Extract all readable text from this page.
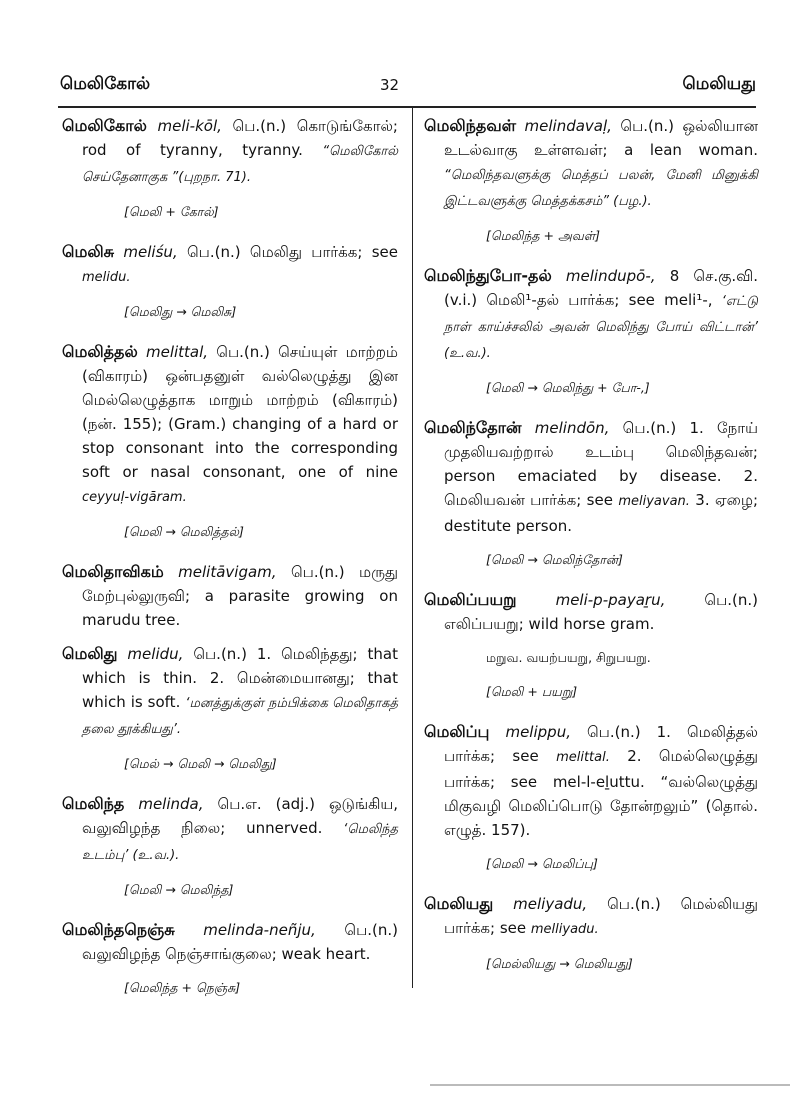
மெலிகோல்	32	மெலியது
மெலிகோல் meli-kōl, பெ.(n.) கொடுங்கோல்; rod of tyranny, tyranny. “மெலிகோல் செய்தேனாகுக ”(புறநா. 71).
[மெலி + கோல்]
மெலிசு meliśu, பெ.(n.) மெலிது பார்க்க; see melidu.
[மெலிது → மெலிசு]
மெலித்தல் melittal, பெ.(n.) செய்யுள் மாற்றம் (விகாரம்) ஒன்பதனுள் வல்லெழுத்து இன மெல்லெழுத்தாக மாறும் மாற்றம் (விகாரம்) (நன். 155); (Gram.) changing of a hard or stop consonant into the corresponding soft or nasal consonant, one of nine ceyyuḷ-vigāram.
[மெலி → மெலித்தல்]
மெலிதாவிகம் melitāvigam, பெ.(n.) மருது மேற்புல்லுருவி; a parasite growing on marudu tree.
மெலிது melidu, பெ.(n.) 1. மெலிந்தது; that which is thin. 2. மென்மையானது; that which is soft. ‘மனத்துக்குள் நம்பிக்கை மெலிதாகத் தலை தூக்கியது’.
[மெல் → மெலி → மெலிது]
மெலிந்த melinda, பெ.எ. (adj.) ஒடுங்கிய, வலுவிழந்த நிலை; unnerved. ‘மெலிந்த உடம்பு’ (உ.வ.).
[மெலி → மெலிந்த]
மெலிந்தநெஞ்சு melinda-neñju, பெ.(n.) வலுவிழந்த நெஞ்சாங்குலை; weak heart.
[மெலிந்த + நெஞ்சு]
மெலிந்தவள் melindavaḷ, பெ.(n.) ஒல்லியான உடல்வாகு உள்ளவள்; a lean woman. “மெலிந்தவளுக்கு மெத்தப் பலன், மேனி மினுக்கி இட்டவளுக்கு மெத்தக்கசம்” (பழ.).
[மெலிந்த + அவள்]
மெலிந்துபோ-தல் melindupō-, 8 செ.கு.வி. (v.i.) மெலி¹-தல் பார்க்க; see meli¹-, ‘எட்டு நாள் காய்ச்சலில் அவன் மெலிந்து போய் விட்டான்’ (உ.வ.).
[மெலி → மெலிந்து + போ-,]
மெலிந்தோன் melindōn, பெ.(n.) 1. நோய் முதலியவற்றால் உடம்பு மெலிந்தவன்; person emaciated by disease. 2. மெலியவன் பார்க்க; see meliyavan. 3. ஏழை; destitute person.
[மெலி → மெலிந்தோன்]
மெலிப்பயறு meli-p-payaṟu, பெ.(n.) எலிப்பயறு; wild horse gram.
மறுவ. வயற்பயறு, சிறுபயறு.
[மெலி + பயறு]
மெலிப்பு melippu, பெ.(n.) 1. மெலித்தல் பார்க்க; see melittal. 2. மெல்லெழுத்து பார்க்க; see mel-l-eḻuttu. “வல்லெழுத்து மிகுவழி மெலிப்பொடு தோன்றலும்” (தொல். எழுத். 157).
[மெலி → மெலிப்பு]
மெலியது meliyadu, பெ.(n.) மெல்லியது பார்க்க; see melliyadu.
[மெல்லியது → மெலியது]
